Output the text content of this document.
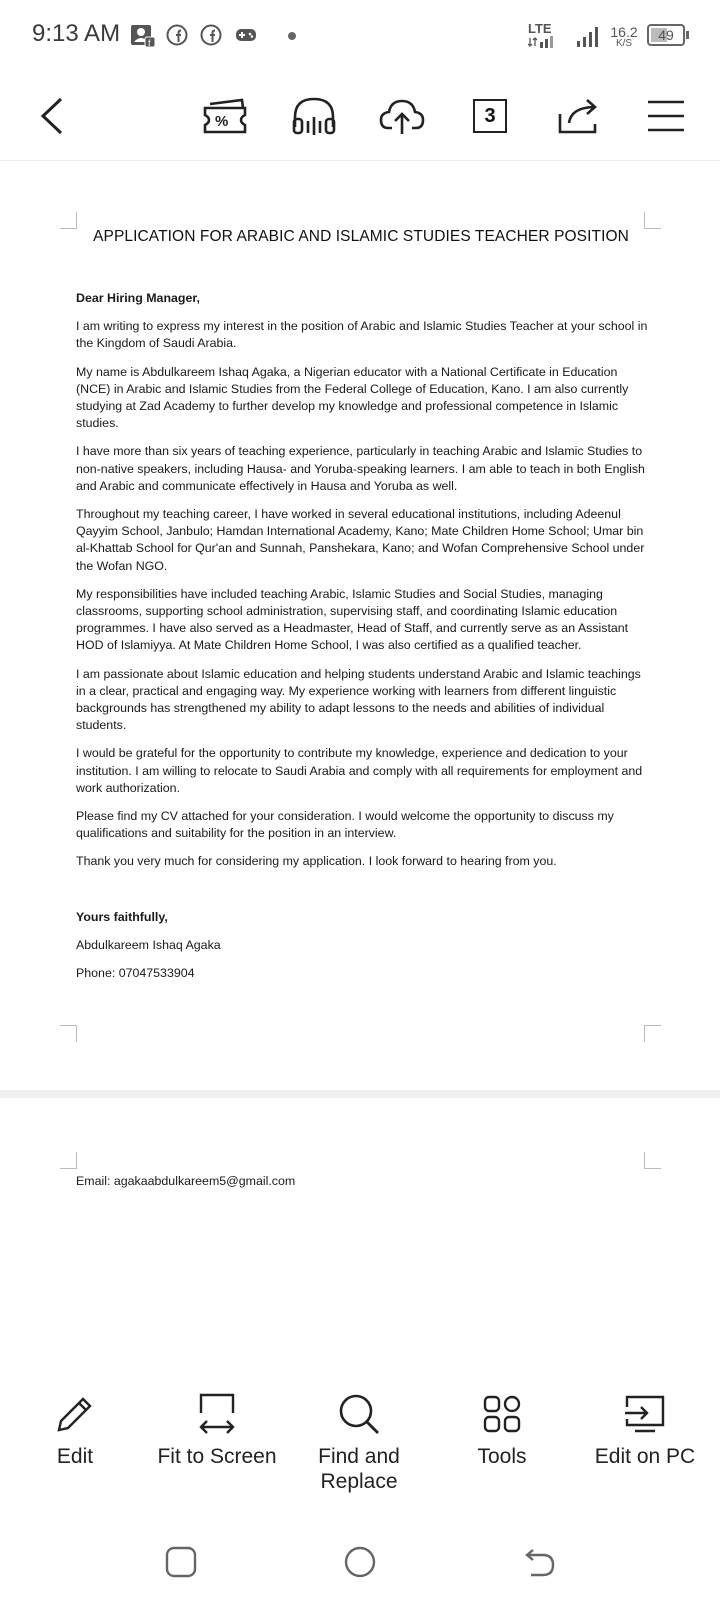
9:13 AM	f
LTE	16.2
K/S
49
%	3
APPLICATION FOR ARABIC AND ISLAMIC STUDIES TEACHER POSITION

Dear Hiring Manager,

I am writing to express my interest in the position of Arabic and Islamic Studies Teacher at your school in the Kingdom of Saudi Arabia.

My name is Abdulkareem Ishaq Agaka, a Nigerian educator with a National Certificate in Education (NCE) in Arabic and Islamic Studies from the Federal College of Education, Kano. I am also currently studying at Zad Academy to further develop my knowledge and professional competence in Islamic studies.

I have more than six years of teaching experience, particularly in teaching Arabic and Islamic Studies to non-native speakers, including Hausa- and Yoruba-speaking learners. I am able to teach in both English and Arabic and communicate effectively in Hausa and Yoruba as well.

Throughout my teaching career, I have worked in several educational institutions, including Adeenul Qayyim School, Janbulo; Hamdan International Academy, Kano; Mate Children Home School; Umar bin al-Khattab School for Qur'an and Sunnah, Panshekara, Kano; and Wofan Comprehensive School under the Wofan NGO.

My responsibilities have included teaching Arabic, Islamic Studies and Social Studies, managing classrooms, supporting school administration, supervising staff, and coordinating Islamic education programmes. I have also served as a Headmaster, Head of Staff, and currently serve as an Assistant HOD of Islamiyya. At Mate Children Home School, I was also certified as a qualified teacher.

I am passionate about Islamic education and helping students understand Arabic and Islamic teachings in a clear, practical and engaging way. My experience working with learners from different linguistic backgrounds has strengthened my ability to adapt lessons to the needs and abilities of individual students.

I would be grateful for the opportunity to contribute my knowledge, experience and dedication to your institution. I am willing to relocate to Saudi Arabia and comply with all requirements for employment and work authorization.

Please find my CV attached for your consideration. I would welcome the opportunity to discuss my qualifications and suitability for the position in an interview.

Thank you very much for considering my application. I look forward to hearing from you.

Yours faithfully,

Abdulkareem Ishaq Agaka

Phone: 07047533904

Email: agakaabdulkareem5@gmail.com
Edit	Fit to Screen	Find and Replace
Tools	Edit on PC
